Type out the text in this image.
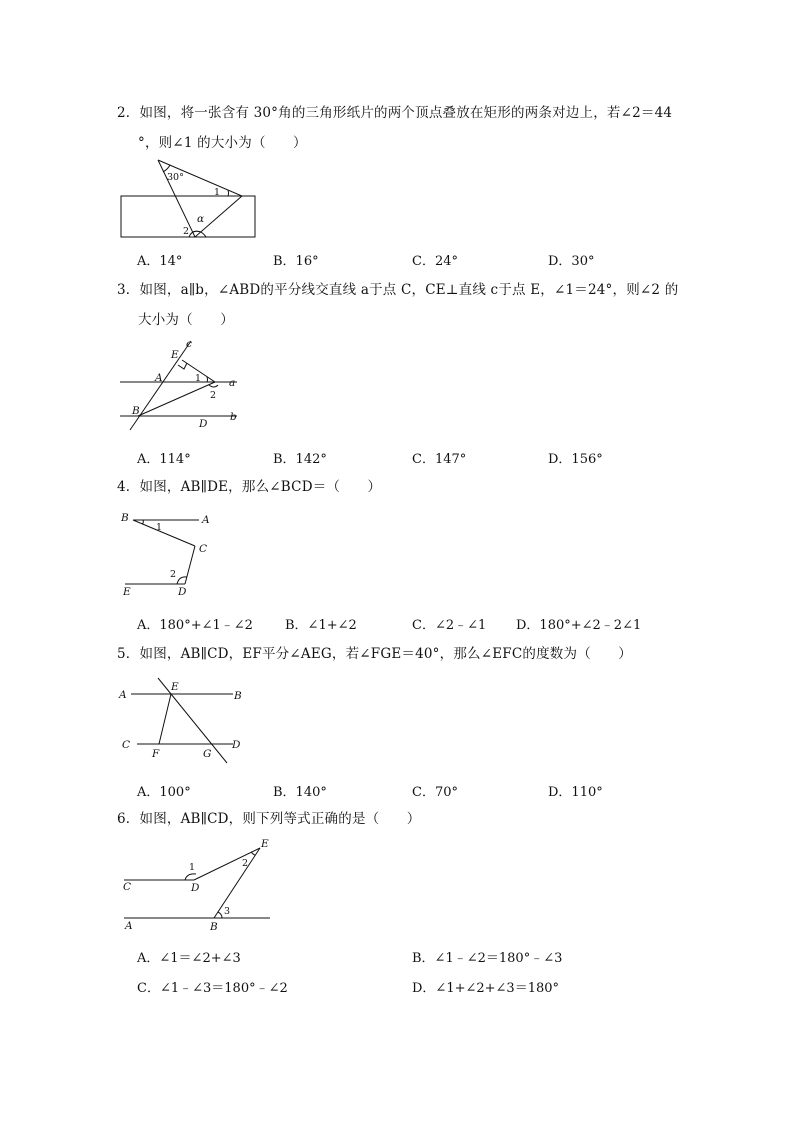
2．如图，将一张含有 30°角的三角形纸片的两个顶点叠放在矩形的两条对边上，若∠2＝44
°，则∠1 的大小为（　　）
30°
1
α
2
A．14°	B．16°	C．24°	D．30°
3．如图，a∥b，∠ABD的平分线交直线 a于点 C，CE⊥直线 c于点 E，∠1＝24°，则∠2 的
大小为（　　）
c
E
A	1	a
2
B
D
b
A．114°	B．142°	C．147°	D．156°
4．如图，AB∥DE，那么∠BCD＝（　　）
B
1
A
C
2
E	D
A．180°+∠1﹣∠2 B．∠1+∠2	C．∠2﹣∠1 D．180°+∠2﹣2∠1
5．如图，AB∥CD，EF平分∠AEG，若∠FGE＝40°，那么∠EFC的度数为（　　）
A
E
B
C
F	G
D
A．100°	B．140°	C．70°	D．110°
6．如图，AB∥CD，则下列等式正确的是（　　）
E
1	2
C	D
3
A	B
A．∠1＝∠2+∠3	B．∠1﹣∠2＝180°﹣∠3
C．∠1﹣∠3＝180°﹣∠2	D．∠1+∠2+∠3＝180°
